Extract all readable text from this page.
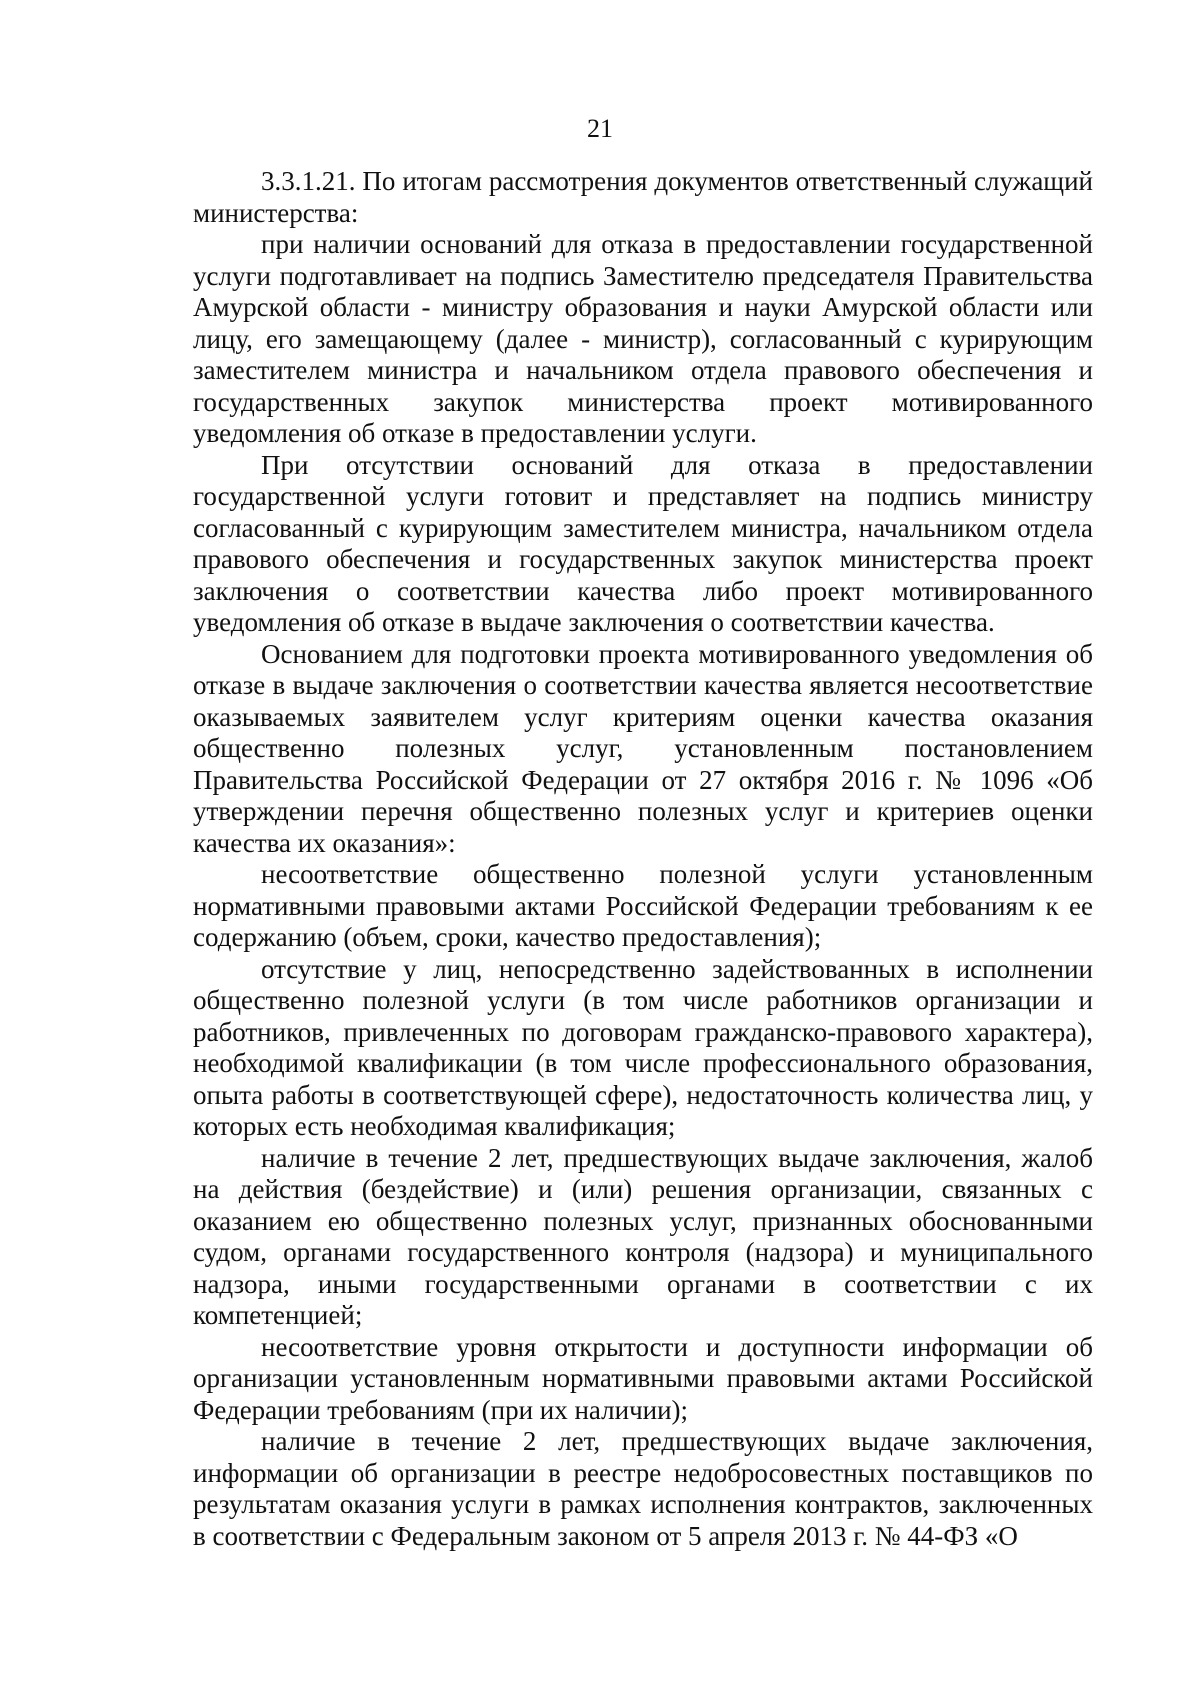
21

3.3.1.21. По итогам рассмотрения документов ответственный служащий министерства:

при наличии оснований для отказа в предоставлении государственной услуги подготавливает на подпись Заместителю председателя Правительства Амурской области - министру образования и науки Амурской области или лицу, его замещающему (далее - министр), согласованный с курирующим заместителем министра и начальником отдела правового обеспечения и государственных закупок министерства проект мотивированного уведомления об отказе в предоставлении услуги.

При отсутствии оснований для отказа в предоставлении государственной услуги готовит и представляет на подпись министру согласованный с курирующим заместителем министра, начальником отдела правового обеспечения и государственных закупок министерства проект заключения о соответствии качества либо проект мотивированного уведомления об отказе в выдаче заключения о соответствии качества.

Основанием для подготовки проекта мотивированного уведомления об отказе в выдаче заключения о соответствии качества является несоответствие оказываемых заявителем услуг критериям оценки качества оказания общественно полезных услуг, установленным постановлением Правительства Российской Федерации от 27 октября 2016 г. № 1096 «Об утверждении перечня общественно полезных услуг и критериев оценки качества их оказания»:

несоответствие общественно полезной услуги установленным нормативными правовыми актами Российской Федерации требованиям к ее содержанию (объем, сроки, качество предоставления);

отсутствие у лиц, непосредственно задействованных в исполнении общественно полезной услуги (в том числе работников организации и работников, привлеченных по договорам гражданско-правового характера), необходимой квалификации (в том числе профессионального образования, опыта работы в соответствующей сфере), недостаточность количества лиц, у которых есть необходимая квалификация;

наличие в течение 2 лет, предшествующих выдаче заключения, жалоб на действия (бездействие) и (или) решения организации, связанных с оказанием ею общественно полезных услуг, признанных обоснованными судом, органами государственного контроля (надзора) и муниципального надзора, иными государственными органами в соответствии с их компетенцией;

несоответствие уровня открытости и доступности информации об организации установленным нормативными правовыми актами Российской Федерации требованиям (при их наличии);

наличие в течение 2 лет, предшествующих выдаче заключения, информации об организации в реестре недобросовестных поставщиков по результатам оказания услуги в рамках исполнения контрактов, заключенных в соответствии с Федеральным законом от 5 апреля 2013 г. № 44-ФЗ «О
